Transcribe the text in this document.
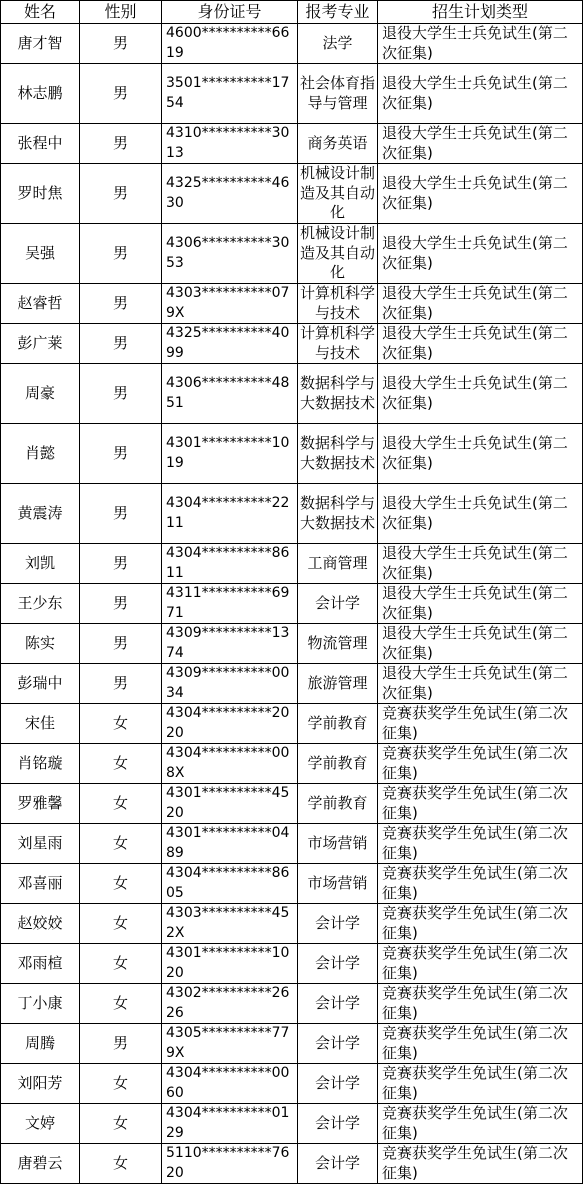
姓名	性别	身份证号	报考专业	招生计划类型
唐才智	男	4600**********6619	法学	退役大学生士兵免试生(第二次征集)
林志鹏	男	3501**********1754	社会体育指导与管理	退役大学生士兵免试生(第二次征集)
张程中	男	4310**********3013	商务英语	退役大学生士兵免试生(第二次征集)
罗时焦	男	4325**********4630	机械设计制造及其自动化	退役大学生士兵免试生(第二次征集)
吴强	男	4306**********3053	机械设计制造及其自动化	退役大学生士兵免试生(第二次征集)
赵睿哲	男	4303**********079X	计算机科学与技术	退役大学生士兵免试生(第二次征集)
彭广莱	男	4325**********4099	计算机科学与技术	退役大学生士兵免试生(第二次征集)
周豪	男	4306**********4851	数据科学与大数据技术	退役大学生士兵免试生(第二次征集)
肖懿	男	4301**********1019	数据科学与大数据技术	退役大学生士兵免试生(第二次征集)
黄震涛	男	4304**********2211	数据科学与大数据技术	退役大学生士兵免试生(第二次征集)
刘凯	男	4304**********8611	工商管理	退役大学生士兵免试生(第二次征集)
王少东	男	4311**********6971	会计学	退役大学生士兵免试生(第二次征集)
陈实	男	4309**********1374	物流管理	退役大学生士兵免试生(第二次征集)
彭瑞中	男	4309**********0034	旅游管理	退役大学生士兵免试生(第二次征集)
宋佳	女	4304**********2020	学前教育	竞赛获奖学生免试生(第二次征集)
肖铭璇	女	4304**********008X	学前教育	竞赛获奖学生免试生(第二次征集)
罗雅馨	女	4301**********4520	学前教育	竞赛获奖学生免试生(第二次征集)
刘星雨	女	4301**********0489	市场营销	竞赛获奖学生免试生(第二次征集)
邓喜丽	女	4304**********8605	市场营销	竞赛获奖学生免试生(第二次征集)
赵姣姣	女	4303**********452X	会计学	竞赛获奖学生免试生(第二次征集)
邓雨楦	女	4301**********1020	会计学	竞赛获奖学生免试生(第二次征集)
丁小康	女	4302**********2626	会计学	竞赛获奖学生免试生(第二次征集)
周腾	男	4305**********779X	会计学	竞赛获奖学生免试生(第二次征集)
刘阳芳	女	4304**********0060	会计学	竞赛获奖学生免试生(第二次征集)
文婷	女	4304**********0129	会计学	竞赛获奖学生免试生(第二次征集)
唐碧云	女	5110**********7620	会计学	竞赛获奖学生免试生(第二次征集)
